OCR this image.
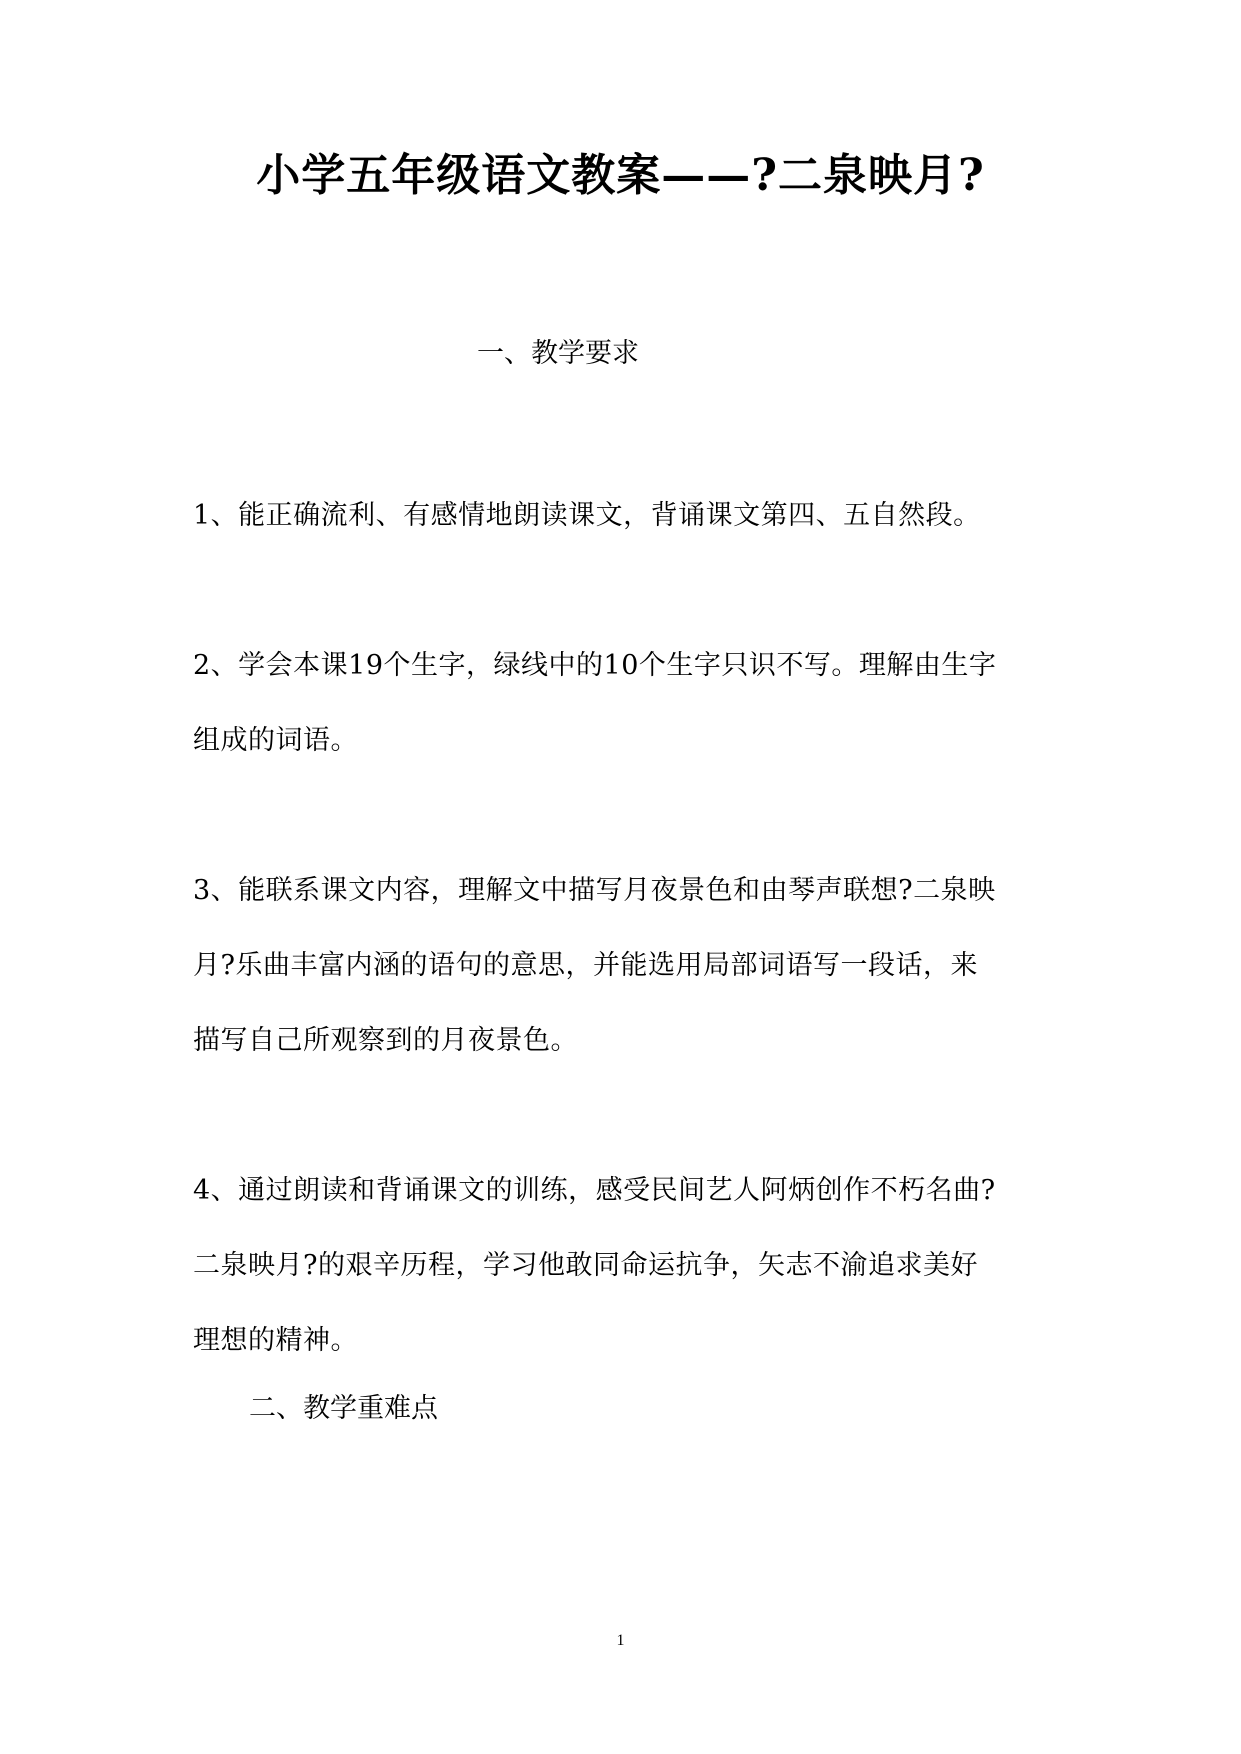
小学五年级语文教案——?二泉映月?
一、教学要求
1、能正确流利、有感情地朗读课文，背诵课文第四、五自然段。
2、学会本课19个生字，绿线中的10个生字只识不写。理解由生字
组成的词语。
3、能联系课文内容，理解文中描写月夜景色和由琴声联想?二泉映
月?乐曲丰富内涵的语句的意思，并能选用局部词语写一段话，来
描写自己所观察到的月夜景色。
4、通过朗读和背诵课文的训练，感受民间艺人阿炳创作不朽名曲?
二泉映月?的艰辛历程，学习他敢同命运抗争，矢志不渝追求美好
理想的精神。
二、教学重难点
1
